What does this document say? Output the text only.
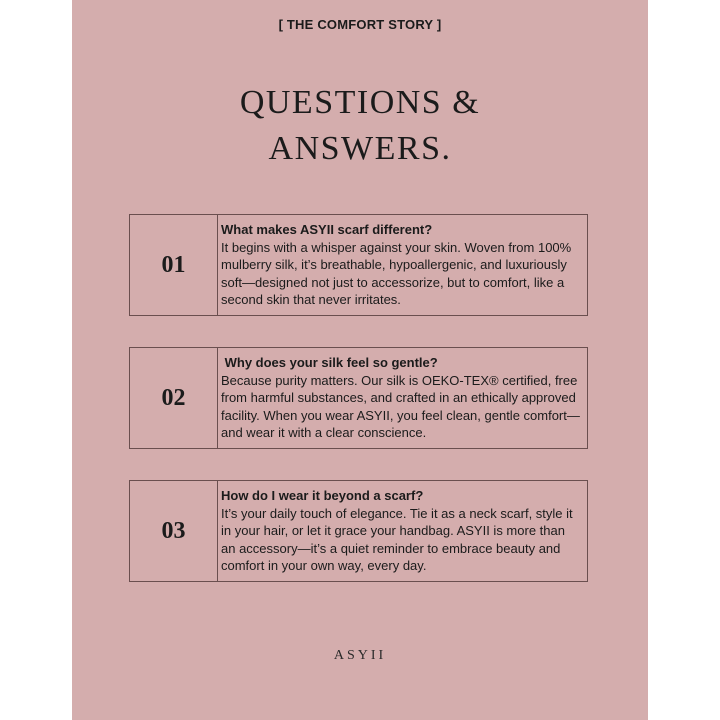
[ THE COMFORT STORY ]
QUESTIONS &
ANSWERS.
01
What makes ASYII scarf different?
It begins with a whisper against your skin. Woven from 100% mulberry silk, it’s breathable, hypoallergenic, and luxuriously soft—designed not just to accessorize, but to comfort, like a second skin that never irritates.
02
Why does your silk feel so gentle?
Because purity matters. Our silk is OEKO-TEX® certified, free from harmful substances, and crafted in an ethically approved facility. When you wear ASYII, you feel clean, gentle comfort—and wear it with a clear conscience.
03
How do I wear it beyond a scarf?
It’s your daily touch of elegance. Tie it as a neck scarf, style it in your hair, or let it grace your handbag. ASYII is more than an accessory—it’s a quiet reminder to embrace beauty and comfort in your own way, every day.
ASYII
